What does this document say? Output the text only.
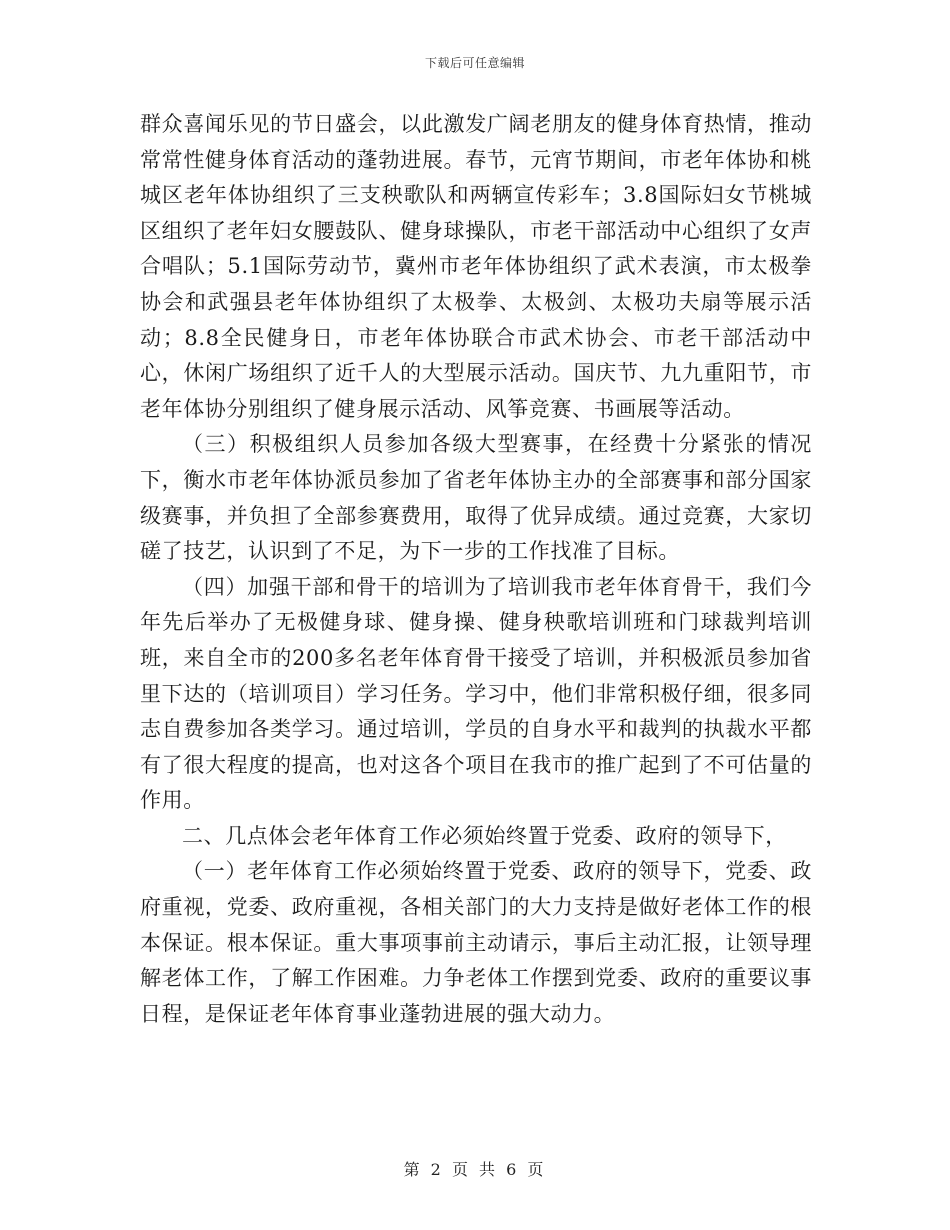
下载后可任意编辑

群众喜闻乐见的节日盛会，以此激发广阔老朋友的健身体育热情，推动常常性健身体育活动的蓬勃进展。春节，元宵节期间，市老年体协和桃城区老年体协组织了三支秧歌队和两辆宣传彩车；3.8国际妇女节桃城区组织了老年妇女腰鼓队、健身球操队，市老干部活动中心组织了女声合唱队；5.1国际劳动节，冀州市老年体协组织了武术表演，市太极拳协会和武强县老年体协组织了太极拳、太极剑、太极功夫扇等展示活动；8.8全民健身日，市老年体协联合市武术协会、市老干部活动中心，休闲广场组织了近千人的大型展示活动。国庆节、九九重阳节，市老年体协分别组织了健身展示活动、风筝竞赛、书画展等活动。

（三）积极组织人员参加各级大型赛事，在经费十分紧张的情况下，衡水市老年体协派员参加了省老年体协主办的全部赛事和部分国家级赛事，并负担了全部参赛费用，取得了优异成绩。通过竞赛，大家切磋了技艺，认识到了不足，为下一步的工作找准了目标。

（四）加强干部和骨干的培训为了培训我市老年体育骨干，我们今年先后举办了无极健身球、健身操、健身秧歌培训班和门球裁判培训班，来自全市的200多名老年体育骨干接受了培训，并积极派员参加省里下达的（培训项目）学习任务。学习中，他们非常积极仔细，很多同志自费参加各类学习。通过培训，学员的自身水平和裁判的执裁水平都有了很大程度的提高，也对这各个项目在我市的推广起到了不可估量的作用。

二、几点体会老年体育工作必须始终置于党委、政府的领导下，

（一）老年体育工作必须始终置于党委、政府的领导下，党委、政府重视，党委、政府重视，各相关部门的大力支持是做好老体工作的根本保证。根本保证。重大事项事前主动请示，事后主动汇报，让领导理解老体工作，了解工作困难。力争老体工作摆到党委、政府的重要议事日程，是保证老年体育事业蓬勃进展的强大动力。

第 2 页 共 6 页
